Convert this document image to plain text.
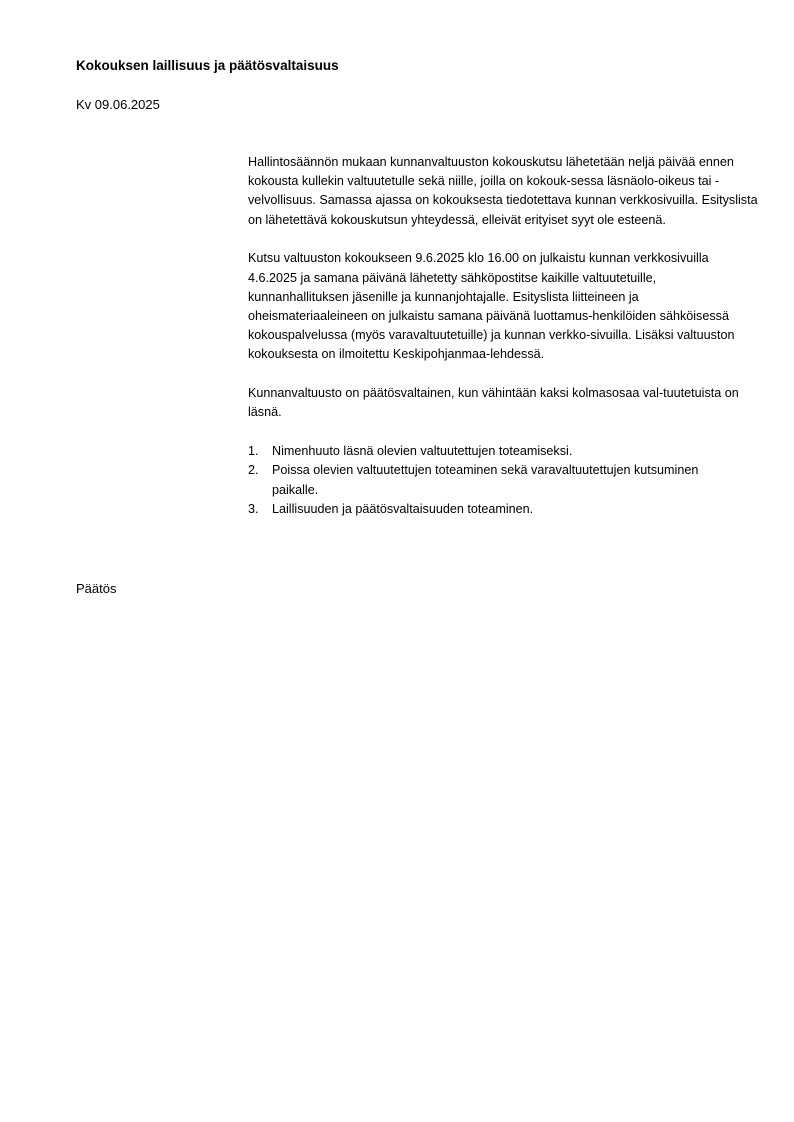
Kokouksen laillisuus ja päätösvaltaisuus
Kv 09.06.2025

Hallintosäännön mukaan kunnanvaltuuston kokouskutsu lähetetään neljä päivää ennen kokousta kullekin valtuutetulle sekä niille, joilla on kokouk-sessa läsnäolo-oikeus tai -velvollisuus. Samassa ajassa on kokouksesta tiedotettava kunnan verkkosivuilla. Esityslista on lähetettävä kokouskutsun yhteydessä, elleivät erityiset syyt ole esteenä.

Kutsu valtuuston kokoukseen 9.6.2025 klo 16.00 on julkaistu kunnan verkkosivuilla 4.6.2025 ja samana päivänä lähetetty sähköpostitse kaikille valtuutetuille, kunnanhallituksen jäsenille ja kunnanjohtajalle. Esityslista liitteineen ja oheismateriaaleineen on julkaistu samana päivänä luottamus-henkilöiden sähköisessä kokouspalvelussa (myös varavaltuutetuille) ja kunnan verkko-sivuilla. Lisäksi valtuuston kokouksesta on ilmoitettu Keskipohjanmaa-lehdessä.

Kunnanvaltuusto on päätösvaltainen, kun vähintään kaksi kolmasosaa val-tuutetuista on läsnä.

1.	Nimenhuuto läsnä olevien valtuutettujen toteamiseksi.
2.	Poissa olevien valtuutettujen toteaminen sekä varavaltuutettujen kutsuminen paikalle.
3.	Laillisuuden ja päätösvaltaisuuden toteaminen.
Päätös
